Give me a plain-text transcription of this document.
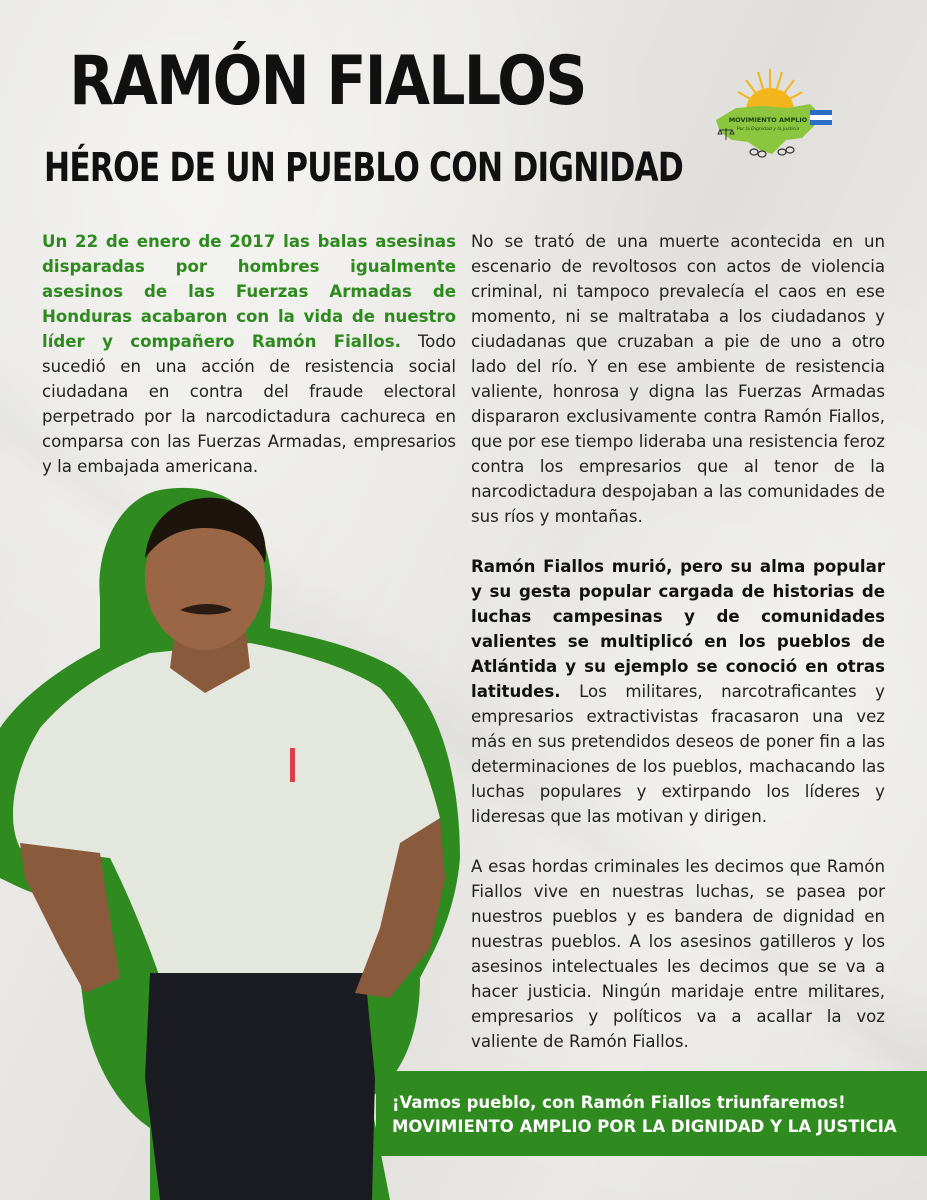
RAMÓN FIALLOS
HÉROE DE UN PUEBLO CON DIGNIDAD
MOVIMIENTO AMPLIO
Por la Dignidad y la Justicia

Un 22 de enero de 2017 las balas asesinas disparadas por hombres igualmente asesinos de las Fuerzas Armadas de Honduras acabaron con la vida de nuestro líder y compañero Ramón Fiallos. Todo sucedió en una acción de resistencia social ciudadana en contra del fraude electoral perpetrado por la narcodictadura cachureca en comparsa con las Fuerzas Armadas, empresarios y la embajada americana.

No se trató de una muerte acontecida en un escenario de revoltosos con actos de violencia criminal, ni tampoco prevalecía el caos en ese momento, ni se maltrataba a los ciudadanos y ciudadanas que cruzaban a pie de uno a otro lado del río. Y en ese ambiente de resistencia valiente, honrosa y digna las Fuerzas Armadas dispararon exclusivamente contra Ramón Fiallos, que por ese tiempo lideraba una resistencia feroz contra los empresarios que al tenor de la narcodictadura despojaban a las comunidades de sus ríos y montañas.

Ramón Fiallos murió, pero su alma popular y su gesta popular cargada de historias de luchas campesinas y de comunidades valientes se multiplicó en los pueblos de Atlántida y su ejemplo se conoció en otras latitudes. Los militares, narcotraficantes y empresarios extractivistas fracasaron una vez más en sus pretendidos deseos de poner fin a las determinaciones de los pueblos, machacando las luchas populares y extirpando los líderes y lideresas que las motivan y dirigen.

A esas hordas criminales les decimos que Ramón Fiallos vive en nuestras luchas, se pasea por nuestros pueblos y es bandera de dignidad en nuestras pueblos. A los asesinos gatilleros y los asesinos intelectuales les decimos que se va a hacer justicia. Ningún maridaje entre militares, empresarios y políticos va a acallar la voz valiente de Ramón Fiallos.

¡Vamos pueblo, con Ramón Fiallos triunfaremos!
MOVIMIENTO AMPLIO POR LA DIGNIDAD Y LA JUSTICIA
